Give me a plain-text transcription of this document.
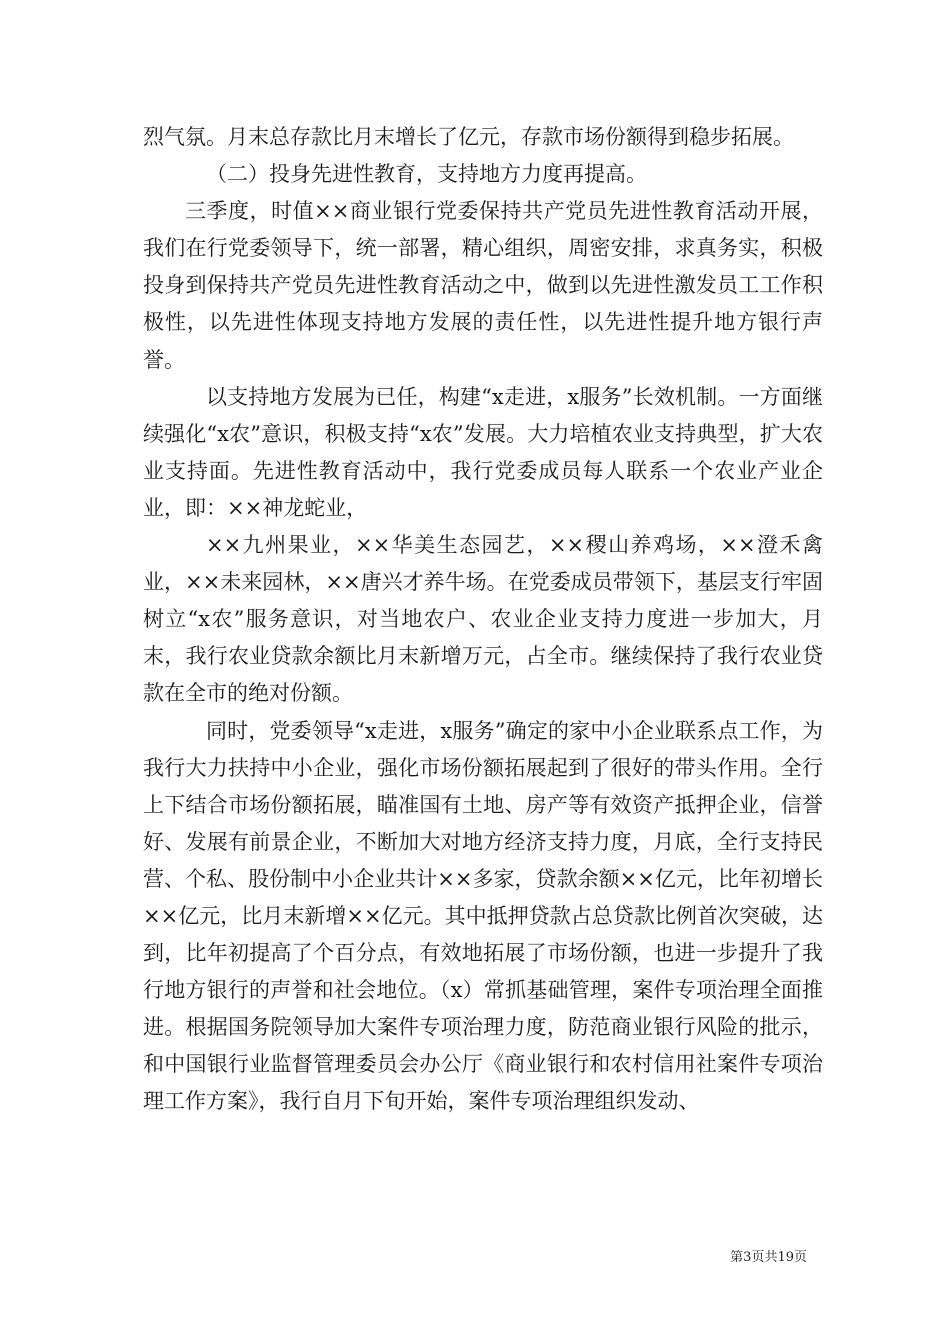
烈气氛。月末总存款比月末增长了亿元，存款市场份额得到稳步拓展。

（二）投身先进性教育，支持地方力度再提高。

三季度，时值××商业银行党委保持共产党员先进性教育活动开展，我们在行党委领导下，统一部署，精心组织，周密安排，求真务实，积极投身到保持共产党员先进性教育活动之中，做到以先进性激发员工工作积极性，以先进性体现支持地方发展的责任性，以先进性提升地方银行声誉。

以支持地方发展为已任，构建“x走进，x服务”长效机制。一方面继续强化“x农”意识，积极支持“x农”发展。大力培植农业支持典型，扩大农业支持面。先进性教育活动中，我行党委成员每人联系一个农业产业企业，即：××神龙蛇业，

××九州果业，××华美生态园艺，××稷山养鸡场，××澄禾禽业，××未来园林，××唐兴才养牛场。在党委成员带领下，基层支行牢固树立“x农”服务意识，对当地农户、农业企业支持力度进一步加大，月末，我行农业贷款余额比月末新增万元，占全市。继续保持了我行农业贷款在全市的绝对份额。

同时，党委领导“x走进，x服务”确定的家中小企业联系点工作，为我行大力扶持中小企业，强化市场份额拓展起到了很好的带头作用。全行上下结合市场份额拓展，瞄准国有土地、房产等有效资产抵押企业，信誉好、发展有前景企业，不断加大对地方经济支持力度，月底，全行支持民营、个私、股份制中小企业共计××多家，贷款余额××亿元，比年初增长××亿元，比月末新增××亿元。其中抵押贷款占总贷款比例首次突破，达到，比年初提高了个百分点，有效地拓展了市场份额，也进一步提升了我行地方银行的声誉和社会地位。（x）常抓基础管理，案件专项治理全面推进。根据国务院领导加大案件专项治理力度，防范商业银行风险的批示，和中国银行业监督管理委员会办公厅《商业银行和农村信用社案件专项治理工作方案》，我行自月下旬开始，案件专项治理组织发动、

第3页共19页
